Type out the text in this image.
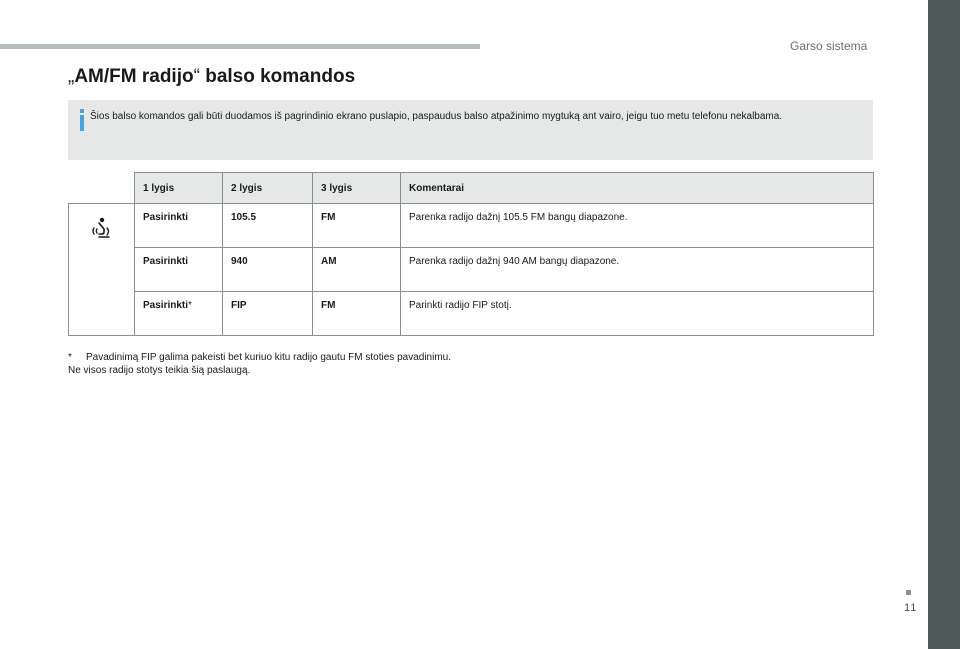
Garso sistema
„AM/FM radijo“ balso komandos
Šios balso komandos gali būti duodamos iš pagrindinio ekrano puslapio, paspaudus balso atpažinimo mygtuką ant vairo, jeigu tuo metu telefonu nekalbama.
	1 lygis	2 lygis	3 lygis	Komentarai

	Pasirinkti	105.5	FM	Parenka radijo dažnį 105.5 FM bangų diapazone.
	Pasirinkti	940	AM	Parenka radijo dažnį 940 AM bangų diapazone.
	Pasirinkti*	FIP	FM	Parinkti radijo FIP stotį.
* Pavadinimą FIP galima pakeisti bet kuriuo kitu radijo gautu FM stoties pavadinimu.
Ne visos radijo stotys teikia šią paslaugą.
11
